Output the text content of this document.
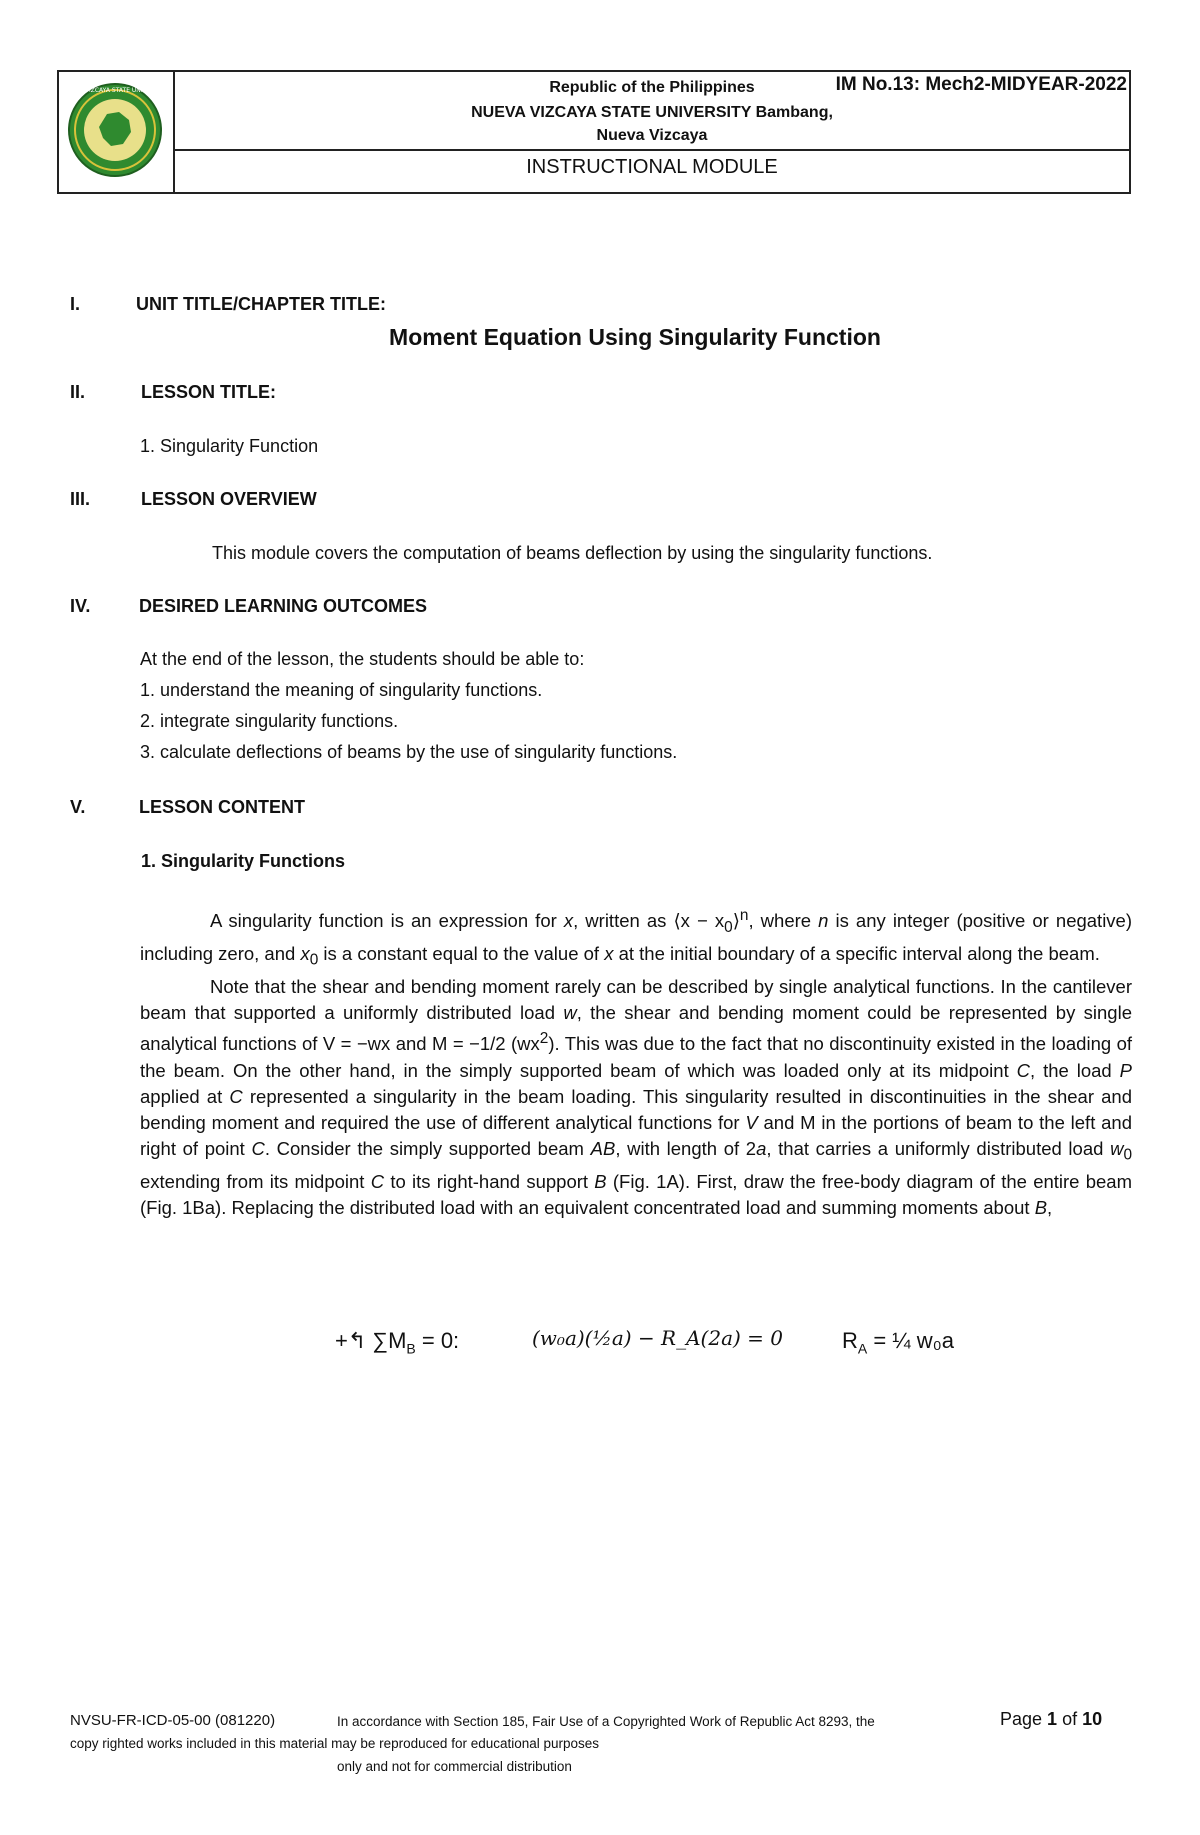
NUEVA VIZCAYA STATE UNIVERSITY	Republic of the Philippines	IM No.13: Mech2-MIDYEAR-2022
NUEVA VIZCAYA STATE UNIVERSITY Bambang,
Nueva Vizcaya
INSTRUCTIONAL MODULE
I.	UNIT TITLE/CHAPTER TITLE:
Moment Equation Using Singularity Function
II.	LESSON TITLE:
1. Singularity Function
III.	LESSON OVERVIEW
This module covers the computation of beams deflection by using the singularity functions.
IV.	DESIRED LEARNING OUTCOMES
At the end of the lesson, the students should be able to:
1. understand the meaning of singularity functions.
2. integrate singularity functions.
3. calculate deflections of beams by the use of singularity functions.
V.	LESSON CONTENT
1. Singularity Functions

A singularity function is an expression for x, written as ⟨x − $x_0⟩^n$, where n is any integer (positive or negative) including zero, and $x_0$ is a constant equal to the value of x at the initial boundary of a specific interval along the beam.

Note that the shear and bending moment rarely can be described by single analytical functions. In the cantilever beam that supported a uniformly distributed load w, the shear and bending moment could be represented by single analytical functions of V = −wx and M = −1/2 $(wx^2)$. This was due to the fact that no discontinuity existed in the loading of the beam. On the other hand, in the simply supported beam of which was loaded only at its midpoint C, the load P applied at C represented a singularity in the beam loading. This singularity resulted in discontinuities in the shear and bending moment and required the use of different analytical functions for V and M in the portions of beam to the left and right of point C. Consider the simply supported beam AB, with length of 2a, that carries a uniformly distributed load $w_0$ extending from its midpoint C to its right-hand support B (Fig. 1A). First, draw the free-body diagram of the entire beam (Fig. 1Ba). Replacing the distributed load with an equivalent concentrated load and summing moments about B,

+↰ $\sum M_B = 0$:	(w₀a)(½a) − R_A(2a) = 0	$R_A$ = ¼ w₀a
NVSU-FR-ICD-05-00 (081220)	In accordance with Section 185, Fair Use of a Copyrighted Work of Republic Act 8293, the
copy righted works included in this material may be reproduced for educational purposes
only and not for commercial distribution
Page 1 of 10
